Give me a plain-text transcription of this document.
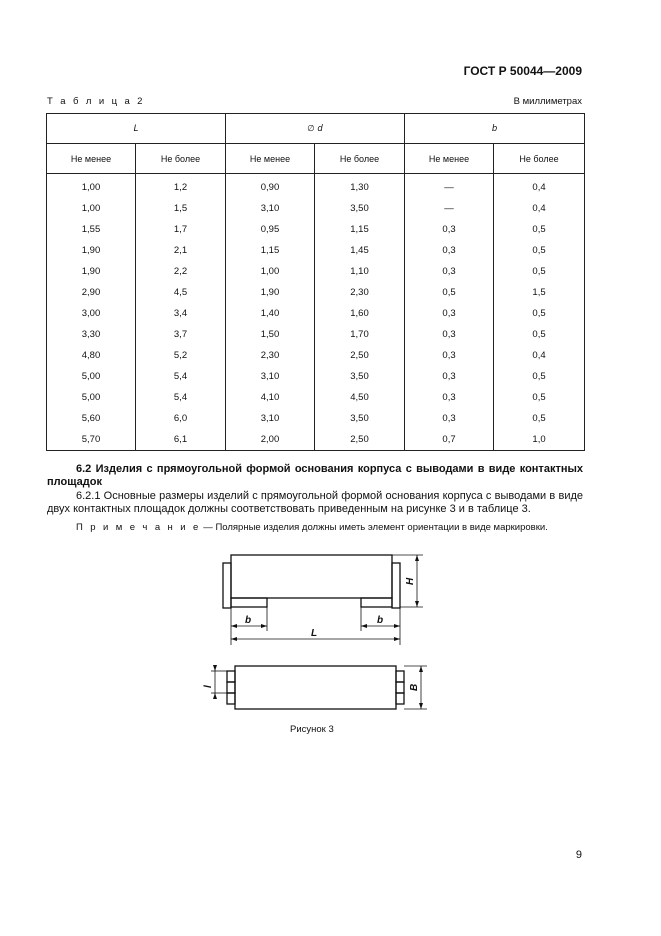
ГОСТ Р 50044—2009
Т а б л и ц а 2	В миллиметрах
L		∅ d		b	
Не менее	Не более	Не менее	Не более	Не менее	Не более
1,00	1,2	0,90	1,30	—	0,4
1,00	1,5	3,10	3,50	—	0,4
1,55	1,7	0,95	1,15	0,3	0,5
1,90	2,1	1,15	1,45	0,3	0,5
1,90	2,2	1,00	1,10	0,3	0,5
2,90	4,5	1,90	2,30	0,5	1,5
3,00	3,4	1,40	1,60	0,3	0,5
3,30	3,7	1,50	1,70	0,3	0,5
4,80	5,2	2,30	2,50	0,3	0,4
5,00	5,4	3,10	3,50	0,3	0,5
5,00	5,4	4,10	4,50	0,3	0,5
5,60	6,0	3,10	3,50	0,3	0,5
5,70	6,1	2,00	2,50	0,7	1,0
6.2 Изделия с прямоугольной формой основания корпуса с выводами в виде контактных площадок
6.2.1 Основные размеры изделий с прямоугольной формой основания корпуса с выводами в виде двух контактных площадок должны соответствовать приведенным на рисунке 3 и в таблице 3.
П р и м е ч а н и е — Полярные изделия должны иметь элемент ориентации в виде маркировки.
b	b
L
H
l	B
Рисунок 3
9
